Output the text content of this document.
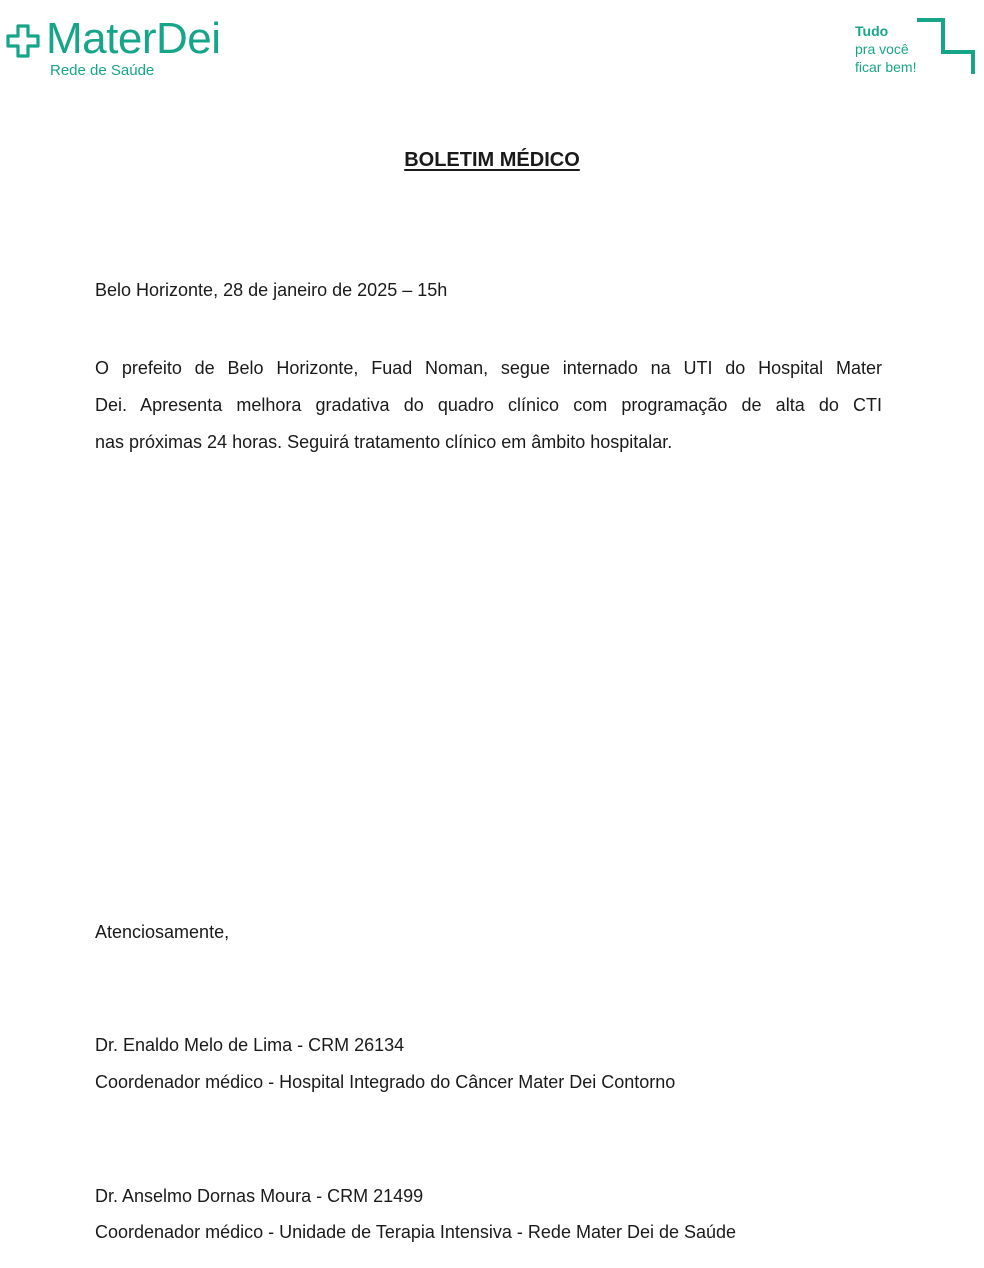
MaterDei
Rede de Saúde
Tudo
pra você
ficar bem!
BOLETIM MÉDICO
Belo Horizonte, 28 de janeiro de 2025 – 15h
O prefeito de Belo Horizonte, Fuad Noman, segue internado na UTI do Hospital Mater
Dei. Apresenta melhora gradativa do quadro clínico com programação de alta do CTI
nas próximas 24 horas. Seguirá tratamento clínico em âmbito hospitalar.
Atenciosamente,
Dr. Enaldo Melo de Lima - CRM 26134
Coordenador médico - Hospital Integrado do Câncer Mater Dei Contorno
Dr. Anselmo Dornas Moura - CRM 21499
Coordenador médico - Unidade de Terapia Intensiva - Rede Mater Dei de Saúde
